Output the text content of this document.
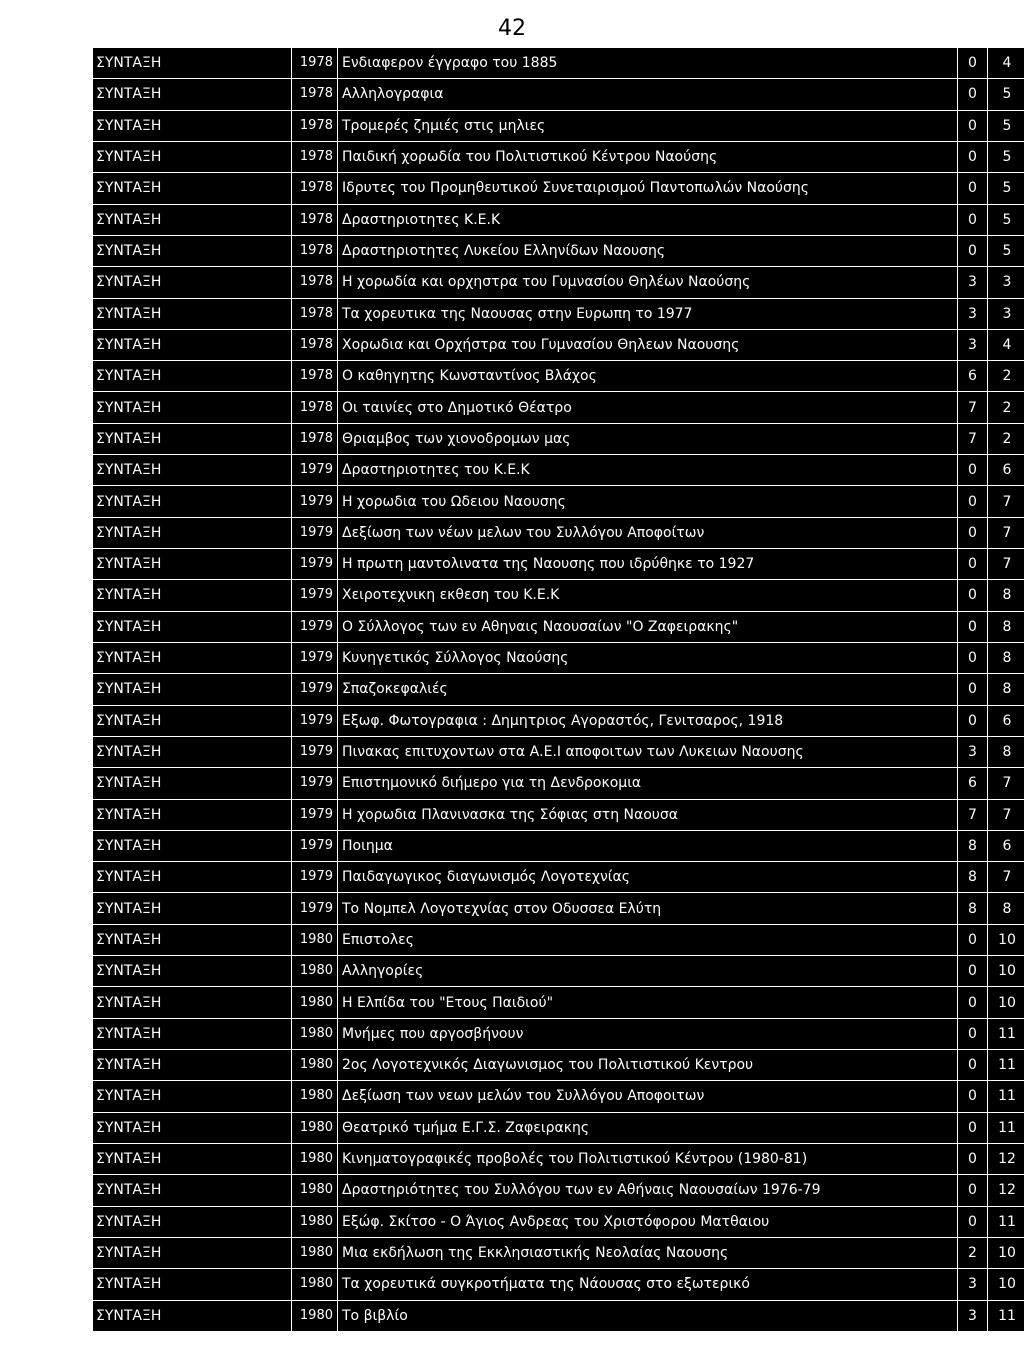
42
ΣΥΝΤΑΞΗ	1978	Ενδιαφερον έγγραφο του 1885	0	4
ΣΥΝΤΑΞΗ	1978	Αλληλογραφια	0	5
ΣΥΝΤΑΞΗ	1978	Τρομερές ζημιές στις μηλιες	0	5
ΣΥΝΤΑΞΗ	1978	Παιδική χορωδία του Πολιτιστικού Κέντρου Ναούσης	0	5
ΣΥΝΤΑΞΗ	1978	Ιδρυτες του Προμηθευτικού Συνεταιρισμού Παντοπωλών Ναούσης	0	5
ΣΥΝΤΑΞΗ	1978	Δραστηριοτητες Κ.Ε.Κ	0	5
ΣΥΝΤΑΞΗ	1978	Δραστηριοτητες Λυκείου Ελληνίδων Ναουσης	0	5
ΣΥΝΤΑΞΗ	1978	Η χορωδία και ορχηστρα του Γυμνασίου Θηλέων Ναούσης	3	3
ΣΥΝΤΑΞΗ	1978	Τα χορευτικα της Ναουσας στην Ευρωπη το 1977	3	3
ΣΥΝΤΑΞΗ	1978	Χορωδια και Ορχήστρα του Γυμνασίου Θηλεων Ναουσης	3	4
ΣΥΝΤΑΞΗ	1978	Ο καθηγητης Κωνσταντίνος Βλάχος	6	2
ΣΥΝΤΑΞΗ	1978	Οι ταινίες στο Δημοτικό Θέατρο	7	2
ΣΥΝΤΑΞΗ	1978	Θριαμβος των χιονοδρομων μας	7	2
ΣΥΝΤΑΞΗ	1979	Δραστηριοτητες του Κ.Ε.Κ	0	6
ΣΥΝΤΑΞΗ	1979	Η χορωδια του Ωδειου Ναουσης	0	7
ΣΥΝΤΑΞΗ	1979	Δεξίωση των νέων μελων του Συλλόγου Αποφοίτων	0	7
ΣΥΝΤΑΞΗ	1979	Η πρωτη μαντολινατα της Ναουσης που ιδρύθηκε το 1927	0	7
ΣΥΝΤΑΞΗ	1979	Χειροτεχνικη εκθεση του Κ.Ε.Κ	0	8
ΣΥΝΤΑΞΗ	1979	Ο Σύλλογος των εν Αθηναις Ναουσαίων "Ο Ζαφειρακης"	0	8
ΣΥΝΤΑΞΗ	1979	Κυνηγετικός Σύλλογος Ναούσης	0	8
ΣΥΝΤΑΞΗ	1979	Σπαζοκεφαλιές	0	8
ΣΥΝΤΑΞΗ	1979	Εξωφ. Φωτογραφια : Δημητριος Αγοραστός, Γενιτσαρος, 1918	0	6
ΣΥΝΤΑΞΗ	1979	Πινακας επιτυχοντων στα Α.Ε.Ι αποφοιτων των Λυκειων Ναουσης	3	8
ΣΥΝΤΑΞΗ	1979	Επιστημονικό διήμερο για τη Δενδροκομια	6	7
ΣΥΝΤΑΞΗ	1979	Η χορωδια Πλανινασκα της Σόφιας στη Ναουσα	7	7
ΣΥΝΤΑΞΗ	1979	Ποιημα	8	6
ΣΥΝΤΑΞΗ	1979	Παιδαγωγικος διαγωνισμός Λογοτεχνίας	8	7
ΣΥΝΤΑΞΗ	1979	Το Νομπελ Λογοτεχνίας στον Οδυσσεα Ελύτη	8	8
ΣΥΝΤΑΞΗ	1980	Επιστολες	0	10
ΣΥΝΤΑΞΗ	1980	Αλληγορίες	0	10
ΣΥΝΤΑΞΗ	1980	Η Ελπίδα του "Ετους Παιδιού"	0	10
ΣΥΝΤΑΞΗ	1980	Μνήμες που αργοσβήνουν	0	11
ΣΥΝΤΑΞΗ	1980	2ος Λογοτεχνικός Διαγωνισμος του Πολιτιστικού Κεντρου	0	11
ΣΥΝΤΑΞΗ	1980	Δεξίωση των νεων μελών του Συλλόγου Αποφοιτων	0	11
ΣΥΝΤΑΞΗ	1980	Θεατρικό τμήμα Ε.Γ.Σ. Ζαφειρακης	0	11
ΣΥΝΤΑΞΗ	1980	Κινηματογραφικές προβολές του Πολιτιστικού Κέντρου (1980-81)	0	12
ΣΥΝΤΑΞΗ	1980	Δραστηριότητες του Συλλόγου των εν Αθήναις Ναουσαίων 1976-79	0	12
ΣΥΝΤΑΞΗ	1980	Εξώφ. Σκίτσο - Ο Άγιος Ανδρεας του Χριστόφορου Ματθαιου	0	11
ΣΥΝΤΑΞΗ	1980	Μια εκδήλωση της Εκκλησιαστικής Νεολαίας Ναουσης	2	10
ΣΥΝΤΑΞΗ	1980	Τα χορευτικά συγκροτήματα της Νάουσας στο εξωτερικό	3	10
ΣΥΝΤΑΞΗ	1980	Το βιβλίο	3	11
